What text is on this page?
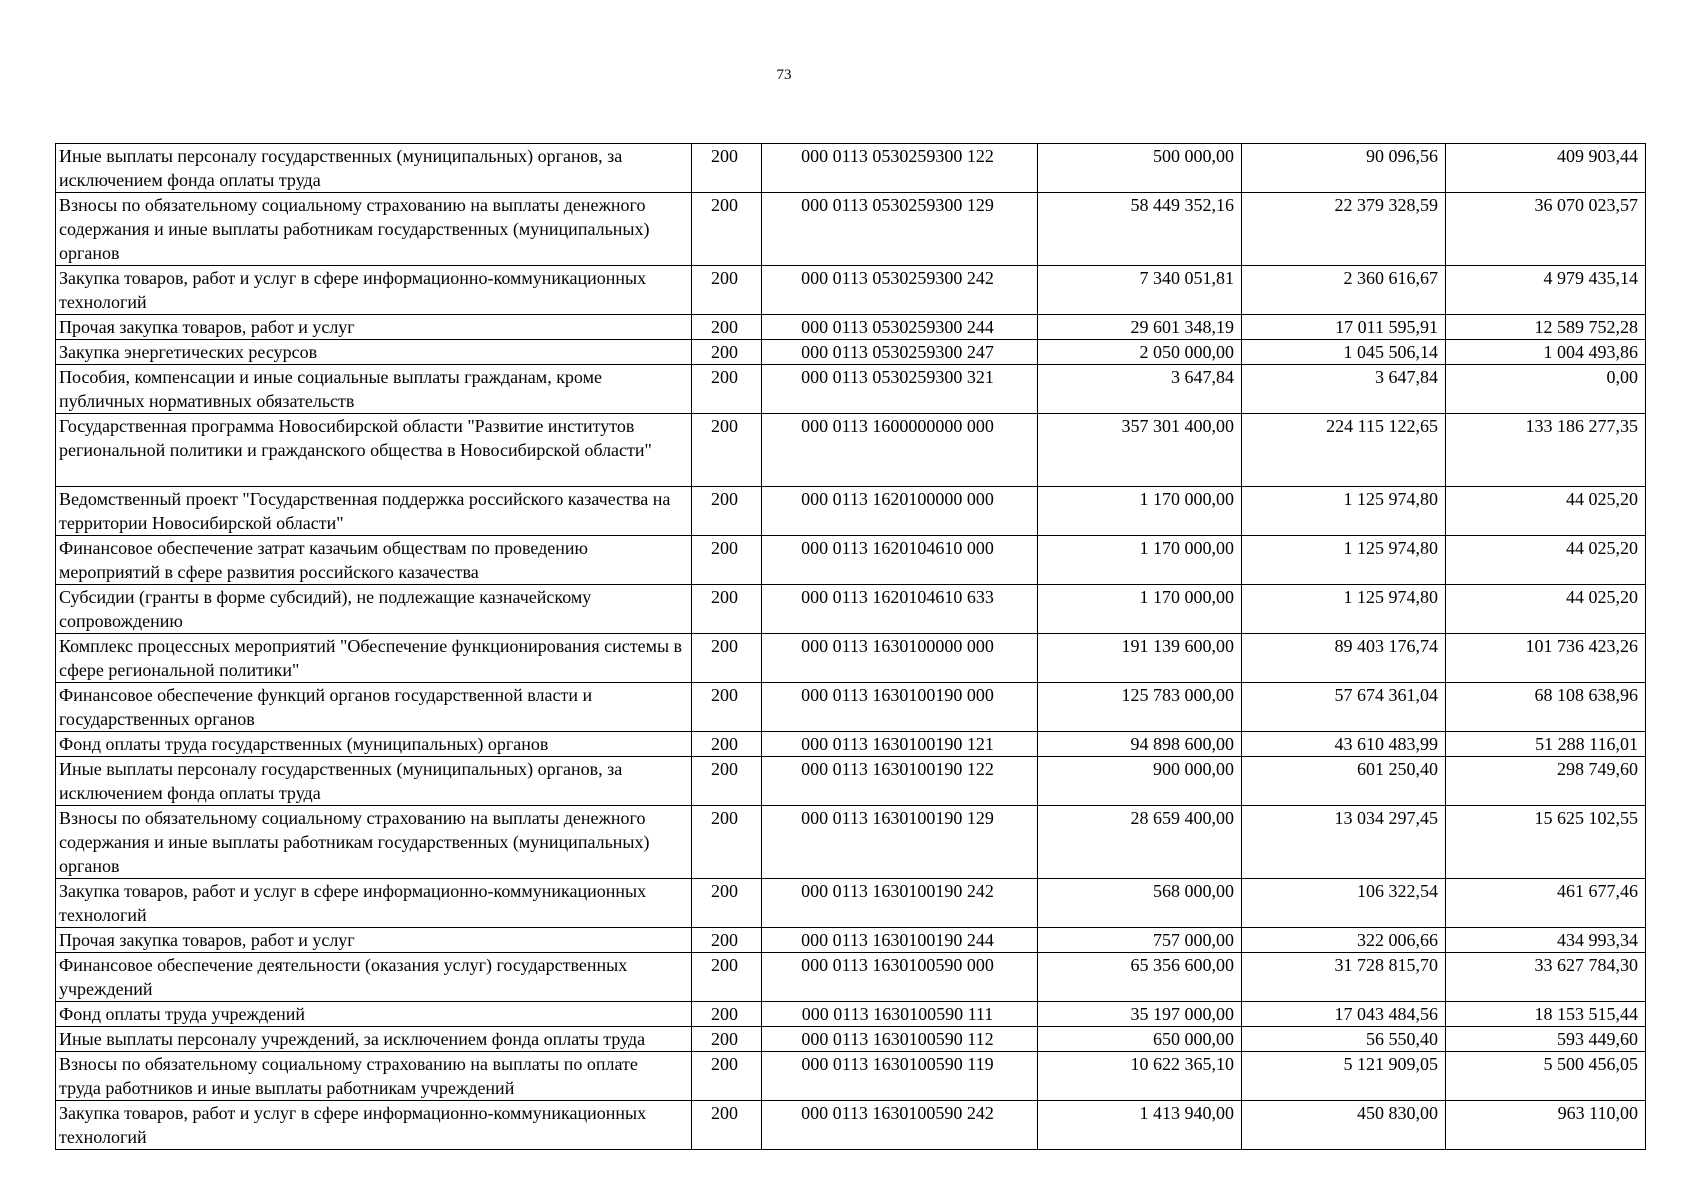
73
Иные выплаты персоналу государственных (муниципальных) органов, за исключением фонда оплаты труда	200	000 0113 0530259300 122	500 000,00	90 096,56	409 903,44
Взносы по обязательному социальному страхованию на выплаты денежного содержания и иные выплаты работникам государственных (муниципальных) органов	200	000 0113 0530259300 129	58 449 352,16	22 379 328,59	36 070 023,57
Закупка товаров, работ и услуг в сфере информационно-коммуникационных технологий	200	000 0113 0530259300 242	7 340 051,81	2 360 616,67	4 979 435,14
Прочая закупка товаров, работ и услуг	200	000 0113 0530259300 244	29 601 348,19	17 011 595,91	12 589 752,28
Закупка энергетических ресурсов	200	000 0113 0530259300 247	2 050 000,00	1 045 506,14	1 004 493,86
Пособия, компенсации и иные социальные выплаты гражданам, кроме публичных нормативных обязательств	200	000 0113 0530259300 321	3 647,84	3 647,84	0,00
Государственная программа Новосибирской области "Развитие институтов региональной политики и гражданского общества в Новосибирской области"	200	000 0113 1600000000 000	357 301 400,00	224 115 122,65	133 186 277,35
Ведомственный проект "Государственная поддержка российского казачества на территории Новосибирской области"	200	000 0113 1620100000 000	1 170 000,00	1 125 974,80	44 025,20
Финансовое обеспечение затрат казачьим обществам по проведению мероприятий в сфере развития российского казачества	200	000 0113 1620104610 000	1 170 000,00	1 125 974,80	44 025,20
Субсидии (гранты в форме субсидий), не подлежащие казначейскому сопровождению	200	000 0113 1620104610 633	1 170 000,00	1 125 974,80	44 025,20
Комплекс процессных мероприятий "Обеспечение функционирования системы в сфере региональной политики"	200	000 0113 1630100000 000	191 139 600,00	89 403 176,74	101 736 423,26
Финансовое обеспечение функций органов государственной власти и государственных органов	200	000 0113 1630100190 000	125 783 000,00	57 674 361,04	68 108 638,96
Фонд оплаты труда государственных (муниципальных) органов	200	000 0113 1630100190 121	94 898 600,00	43 610 483,99	51 288 116,01
Иные выплаты персоналу государственных (муниципальных) органов, за исключением фонда оплаты труда	200	000 0113 1630100190 122	900 000,00	601 250,40	298 749,60
Взносы по обязательному социальному страхованию на выплаты денежного содержания и иные выплаты работникам государственных (муниципальных) органов	200	000 0113 1630100190 129	28 659 400,00	13 034 297,45	15 625 102,55
Закупка товаров, работ и услуг в сфере информационно-коммуникационных технологий	200	000 0113 1630100190 242	568 000,00	106 322,54	461 677,46
Прочая закупка товаров, работ и услуг	200	000 0113 1630100190 244	757 000,00	322 006,66	434 993,34
Финансовое обеспечение деятельности (оказания услуг) государственных учреждений	200	000 0113 1630100590 000	65 356 600,00	31 728 815,70	33 627 784,30
Фонд оплаты труда учреждений	200	000 0113 1630100590 111	35 197 000,00	17 043 484,56	18 153 515,44
Иные выплаты персоналу учреждений, за исключением фонда оплаты труда	200	000 0113 1630100590 112	650 000,00	56 550,40	593 449,60
Взносы по обязательному социальному страхованию на выплаты по оплате труда работников и иные выплаты работникам учреждений	200	000 0113 1630100590 119	10 622 365,10	5 121 909,05	5 500 456,05
Закупка товаров, работ и услуг в сфере информационно-коммуникационных технологий	200	000 0113 1630100590 242	1 413 940,00	450 830,00	963 110,00
